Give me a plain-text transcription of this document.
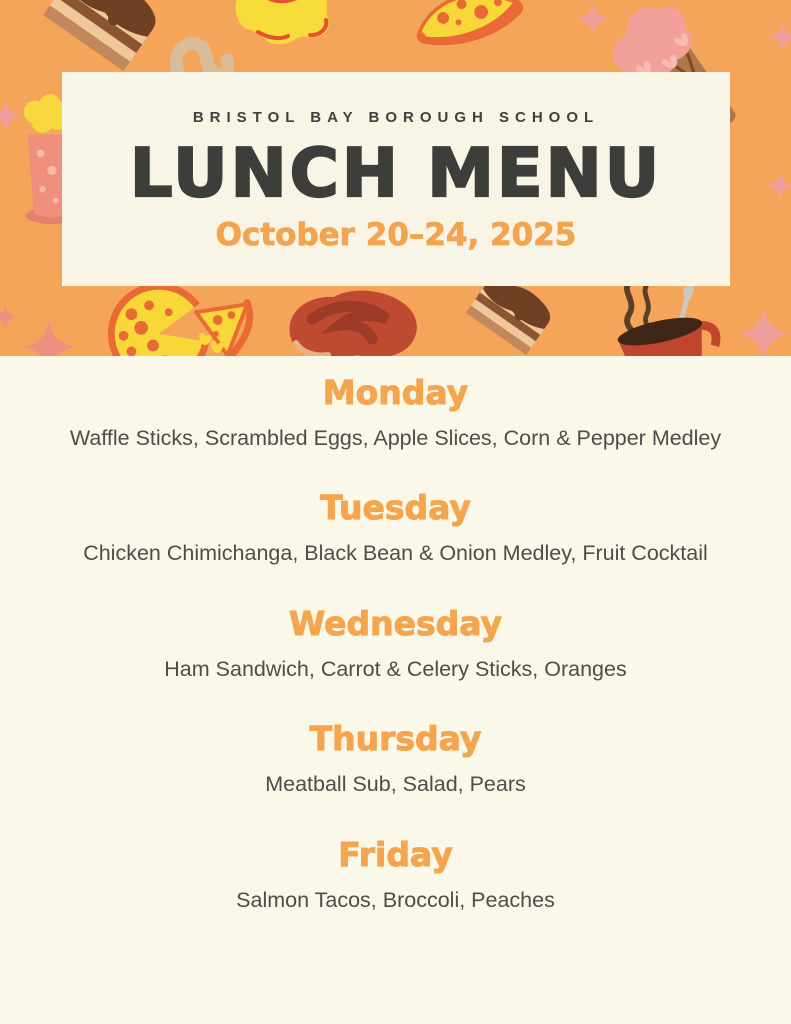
BRISTOL BAY BOROUGH SCHOOL
LUNCH MENU
October 20–24, 2025
Monday
Waffle Sticks, Scrambled Eggs, Apple Slices, Corn & Pepper Medley
Tuesday
Chicken Chimichanga, Black Bean & Onion Medley, Fruit Cocktail
Wednesday
Ham Sandwich, Carrot & Celery Sticks, Oranges
Thursday
Meatball Sub, Salad, Pears
Friday
Salmon Tacos, Broccoli, Peaches
